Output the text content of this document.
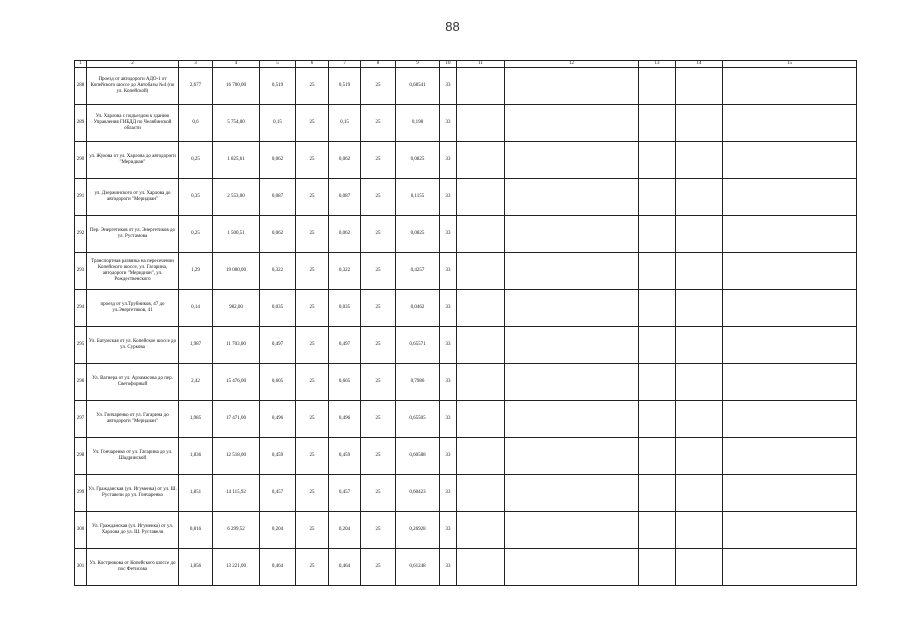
88
1	2	3	4	5	6	7	8	9	10	11	12	13	14	15
288	Проезд от автодороги АДО-1 от Копейского шоссе до Автобазы №4 (по ул. Копейской)	2,677	16 700,00	0,519	25	0,519	25	0,68541	33					
289	Ул. Харлова с подъездом к зданию Управления ГИБДД по Челябинской области	0,6	5 754,00	0,15	25	0,15	25	0,198	33					
290	ул. Жукова от ул. Харлова до автодороги "Меридиан"	0,25	1 825,61	0,062	25	0,062	25	0,0825	33					
291	ул. Дзержинского от ул. Харлова до автодороги "Меридиан"	0,35	2 553,00	0,087	25	0,087	25	0,1155	33					
292	Пер. Энергетиков от ул. Энергетиков до ул. Рустамова	0,25	1 500,51	0,062	25	0,062	25	0,0825	33					
293	Транспортная развязка на пересечении Копейского шоссе, ул. Гагарина, автодороги "Меридиан", ул. Рождественского	1,29	19 000,00	0,322	25	0,322	25	0,4257	33					
294	проезд от ул.Трубников, 47 до ул.Энергетиков, 41	0,14	982,00	0,035	25	0,035	25	0,0462	33					
295	Ул. Батумская от ул. Копейское шоссе до ул. Суркова	1,987	11 703,00	0,497	25	0,497	25	0,65571	33					
296	Ул. Вагнера от ул. Арзамасова до пер. Светофорный	2,42	15 476,00	0,605	25	0,605	25	0,7986	33					
297	Ул. Гончаренко от ул. Гагарина до автодороги "Меридиан"	1,985	17 471,00	0,496	25	0,496	25	0,65505	33					
298	Ул. Гончаренко от ул. Гагарина до ул. Шадринской	1,836	12 518,00	0,459	25	0,459	25	0,60588	33					
299	Ул. Гражданская (ул. Игуменка) от ул. Ш. Руставели до ул. Гончаренко	1,851	14 115,92	0,457	25	0,457	25	0,60423	33					
300	Ул. Гражданская (ул. Игуменка) от ул. Харлова до ул. Ш. Руставели	0,816	6 299,52	0,204	25	0,204	25	0,26928	33					
301	Ул. Кострюкова от Копейского шоссе до пос Фетисова	1,856	13 221,00	0,464	25	0,464	25	0,61248	33					
